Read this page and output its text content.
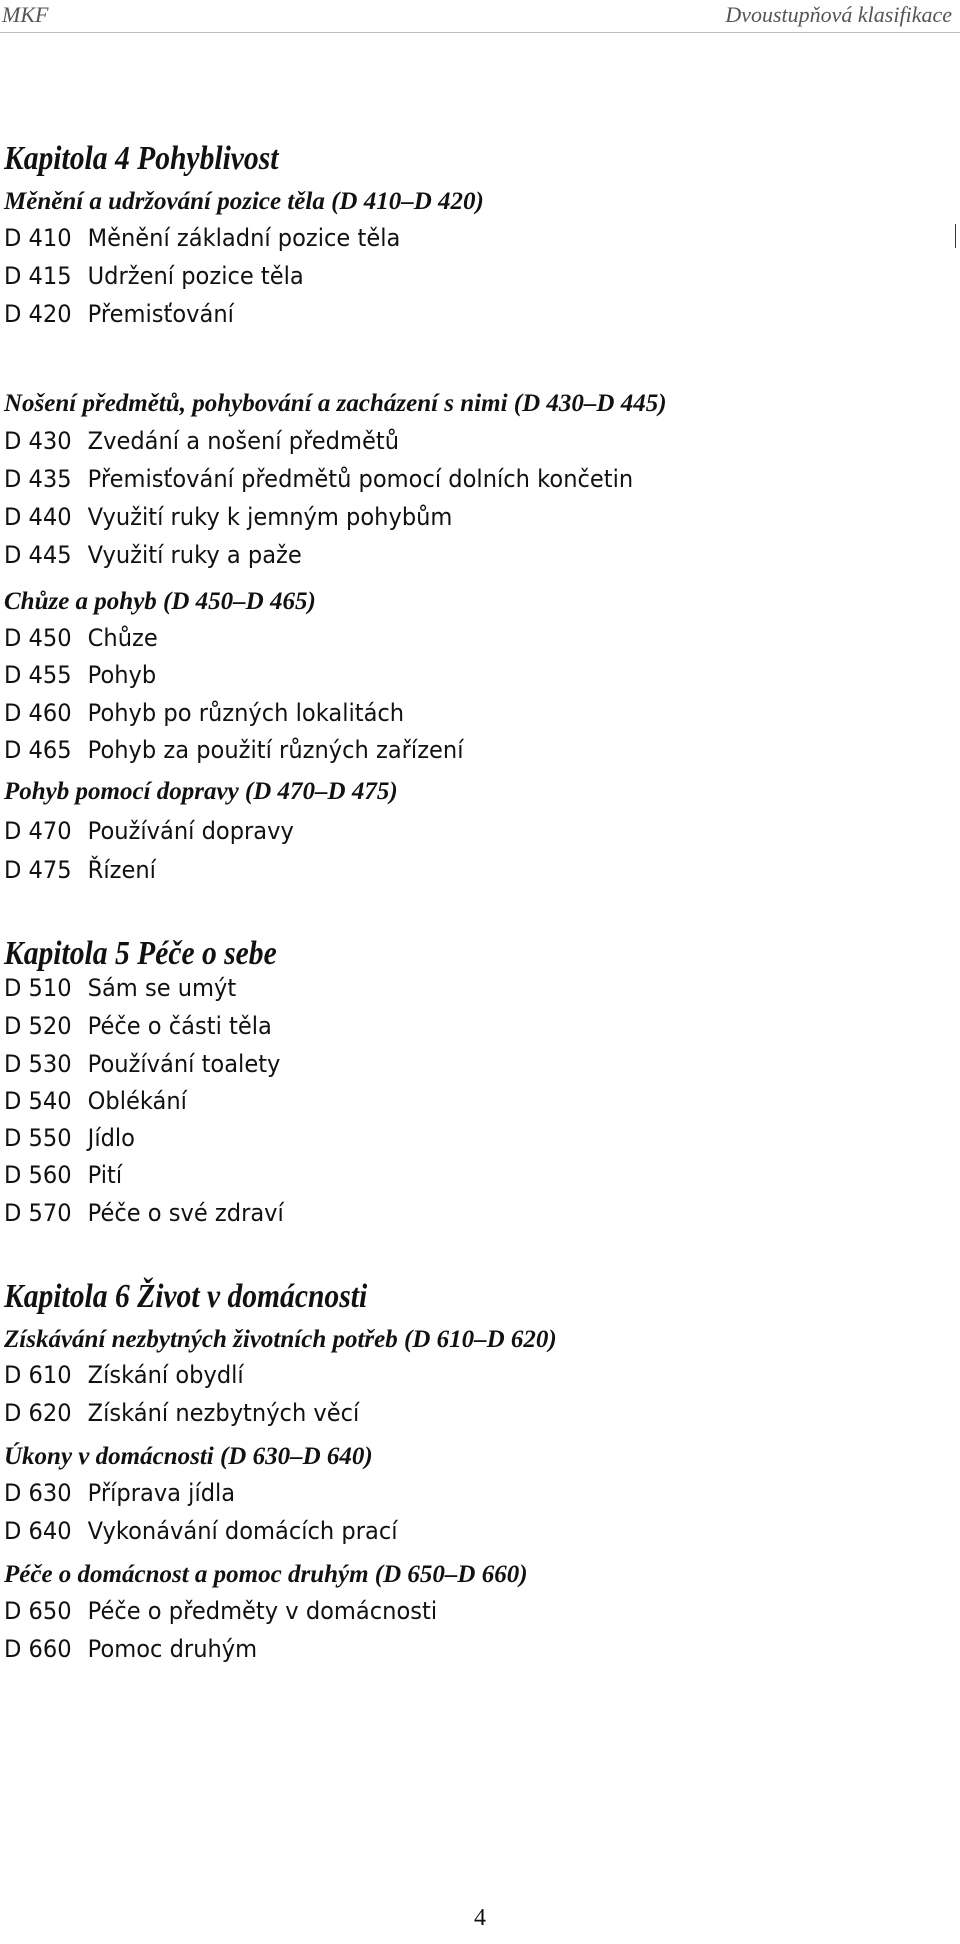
MKF	Dvoustupňová klasifikace
Kapitola 4 Pohyblivost
Měnění a udržování pozice těla (D 410–D 420)
D 410 Měnění základní pozice těla
D 415 Udržení pozice těla
D 420 Přemisťování
Nošení předmětů, pohybování a zacházení s nimi (D 430–D 445)
D 430 Zvedání a nošení předmětů
D 435 Přemisťování předmětů pomocí dolních končetin
D 440 Využití ruky k jemným pohybům
D 445 Využití ruky a paže
Chůze a pohyb (D 450–D 465)
D 450 Chůze
D 455 Pohyb
D 460 Pohyb po různých lokalitách
D 465 Pohyb za použití různých zařízení
Pohyb pomocí dopravy (D 470–D 475)
D 470 Používání dopravy
D 475 Řízení
Kapitola 5 Péče o sebe
D 510 Sám se umýt
D 520 Péče o části těla
D 530 Používání toalety
D 540 Oblékání
D 550 Jídlo
D 560 Pití
D 570 Péče o své zdraví
Kapitola 6 Život v domácnosti
Získávání nezbytných životních potřeb (D 610–D 620)
D 610 Získání obydlí
D 620 Získání nezbytných věcí
Úkony v domácnosti (D 630–D 640)
D 630 Příprava jídla
D 640 Vykonávání domácích prací
Péče o domácnost a pomoc druhým (D 650–D 660)
D 650 Péče o předměty v domácnosti
D 660 Pomoc druhým
4
